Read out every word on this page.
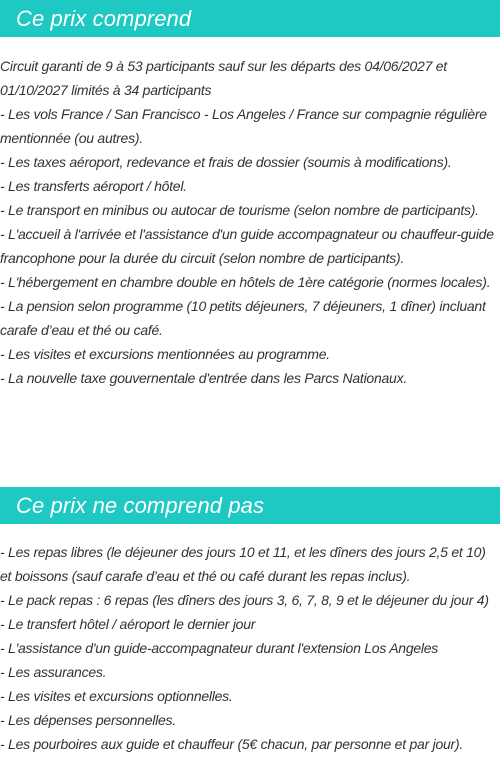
Ce prix comprend

Circuit garanti de 9 à 53 participants sauf sur les départs des 04/06/2027 et 01/10/2027 limités à 34 participants

- Les vols France / San Francisco - Los Angeles / France sur compagnie régulière mentionnée (ou autres).

- Les taxes aéroport, redevance et frais de dossier (soumis à modifications).

- Les transferts aéroport / hôtel.

- Le transport en minibus ou autocar de tourisme (selon nombre de participants).

- L'accueil à l'arrivée et l'assistance d'un guide accompagnateur ou chauffeur-guide francophone pour la durée du circuit (selon nombre de participants).

- L'hébergement en chambre double en hôtels de 1ère catégorie (normes locales).

- La pension selon programme (10 petits déjeuners, 7 déjeuners, 1 dîner) incluant carafe d’eau et thé ou café.

- Les visites et excursions mentionnées au programme.

- La nouvelle taxe gouvernentale d'entrée dans les Parcs Nationaux.

Ce prix ne comprend pas

- Les repas libres (le déjeuner des jours 10 et 11, et les dîners des jours 2,5 et 10) et boissons (sauf carafe d’eau et thé ou café durant les repas inclus).

- Le pack repas : 6 repas (les dîners des jours 3, 6, 7, 8, 9 et le déjeuner du jour 4)

- Le transfert hôtel / aéroport le dernier jour

- L'assistance d'un guide-accompagnateur durant l'extension Los Angeles

- Les assurances.

- Les visites et excursions optionnelles.

- Les dépenses personnelles.

- Les pourboires aux guide et chauffeur (5€ chacun, par personne et par jour).
